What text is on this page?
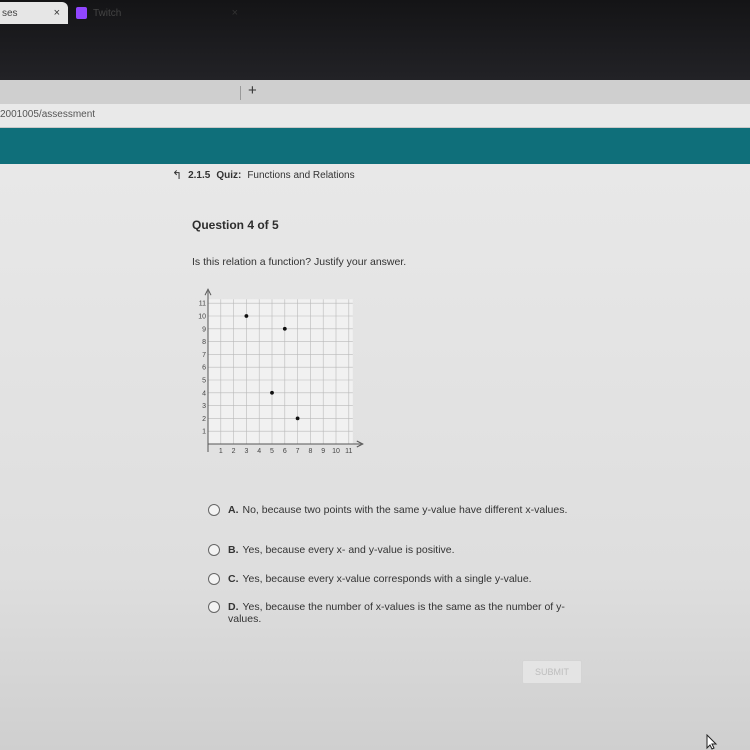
ses	×	Twitch	×
+
2001005/assessment
↰ 2.1.5 Quiz: Functions and Relations
Question 4 of 5
Is this relation a function? Justify your answer.
1 2 3 4 5 6 7 8 9 10 11
1
2
3
4
5
6
7
8
9
10
11
A. No, because two points with the same y-value have different x-values.
B. Yes, because every x- and y-value is positive.
C. Yes, because every x-value corresponds with a single y-value.
D. Yes, because the number of x-values is the same as the number of y-values.
SUBMIT
